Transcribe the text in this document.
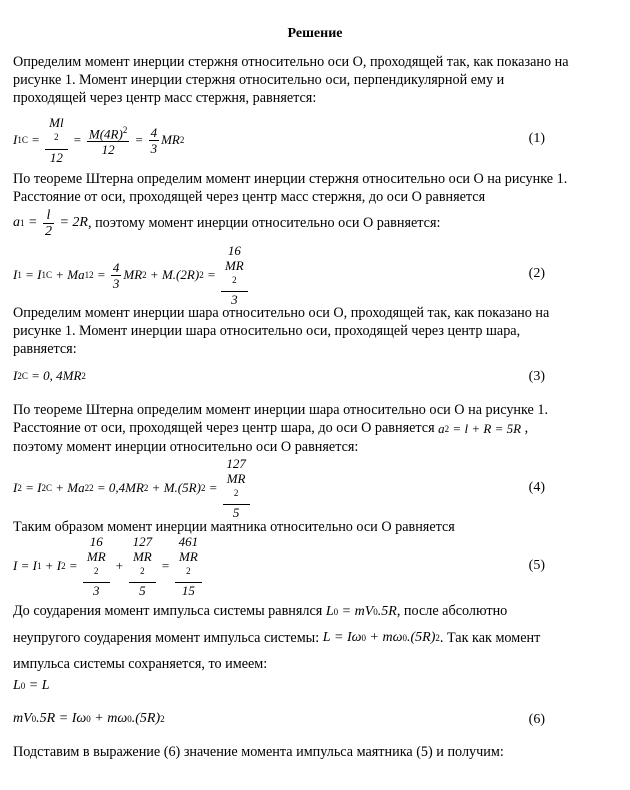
Решение
Определим момент инерции стержня относительно оси О, проходящей так, как показано на рисунке 1. Момент инерции стержня относительно оси, перпендикулярной ему и проходящей через центр масс стержня, равняется:
I 1C = Ml
$^2$
$12 = \frac{M(4R)^2}{12} = \frac{4}{3}$ MR 2	(1)
По теореме Штерна определим момент инерции стержня относительно оси О на рисунке 1. Расстояние от оси, проходящей через центр масс стержня, до оси О равняется
a $1 = \frac{l}{2} = 2$ R , поэтому момент инерции относительно оси О равняется:
I 1 = I 1C + Ma 1 $2 = \frac{4}{3}$ MR 2 + M .(2 R ) 2 = 16
MR
$^2$
3	(2)
Определим момент инерции шара относительно оси О, проходящей так, как показано на рисунке 1. Момент инерции шара относительно оси, проходящей через центр шара, равняется:
I 2C = 0, 4 MR 2	(3)
По теореме Штерна определим момент инерции шара относительно оси О на рисунке 1. Расстояние от оси, проходящей через центр шара, до оси О равняется a 2 = l + R = 5 R , поэтому момент инерции относительно оси О равняется:
I 2 = I 2C + Ma 2 2 = 0,4 MR 2 + M .(5 R ) 2 = 127
MR
$^2$
5	(4)
Таким образом момент инерции маятника относительно оси О равняется
I = I 1 + I 2 = 16
MR
$^2$
3 + 127
MR
$^2$
5 = 461
MR
$^2$
15	(5)
До соударения момент импульса системы равнялся L 0 = mV 0 .5 R , после абсолютно
неупругого соударения момент импульса системы: L = I ω 0 + m ω 0 .(5 R ) 2 . Так как момент
импульса системы сохраняется, то имеем:
L 0 = L
mV 0 .5 R = I ω 0 + m ω 0 .(5 R ) 2	(6)
Подставим в выражение (6) значение момента импульса маятника (5) и получим:
